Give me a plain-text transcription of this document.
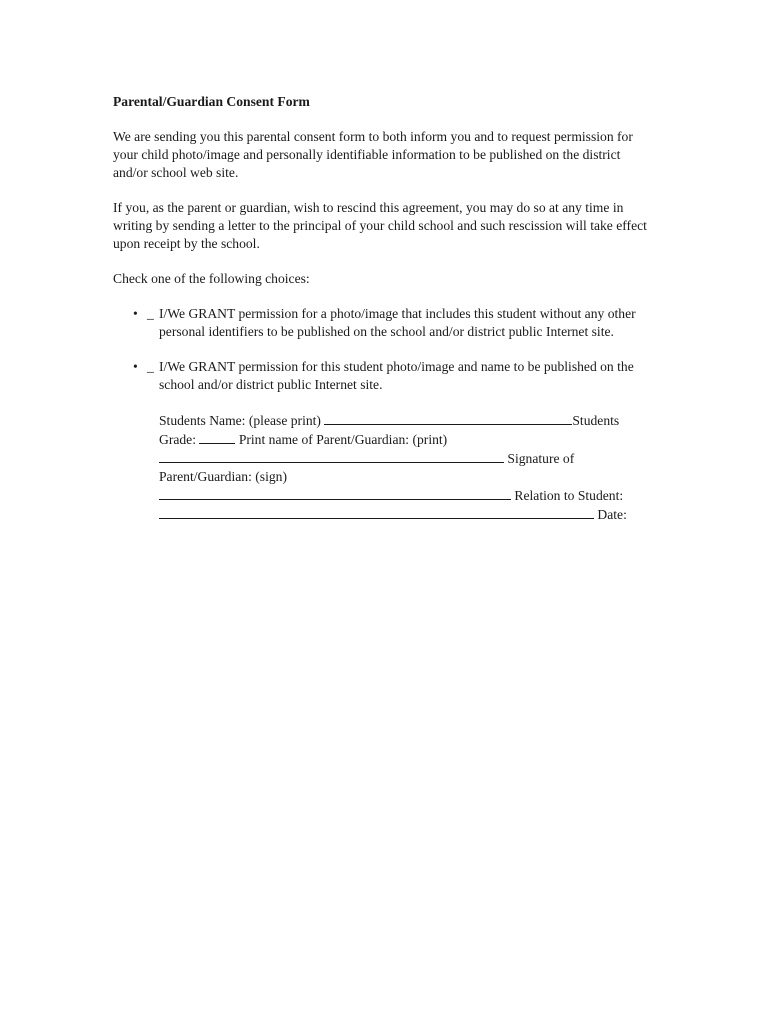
Parental/Guardian Consent Form

We are sending you this parental consent form to both inform you and to request permission for your child photo/image and personally identifiable information to be published on the district and/or school web site.

If you, as the parent or guardian, wish to rescind this agreement, you may do so at any time in writing by sending a letter to the principal of your child school and such rescission will take effect upon receipt by the school.

Check one of the following choices:

• _ I/We GRANT permission for a photo/image that includes this student without any other personal identifiers to be published on the school and/or district public Internet site.
• _ I/We GRANT permission for this student photo/image and name to be published on the school and/or district public Internet site.
Students Name: (please print)	Students
Grade:	Print name of Parent/Guardian: (print)
Signature of
Parent/Guardian: (sign)
Relation to Student:
Date:
